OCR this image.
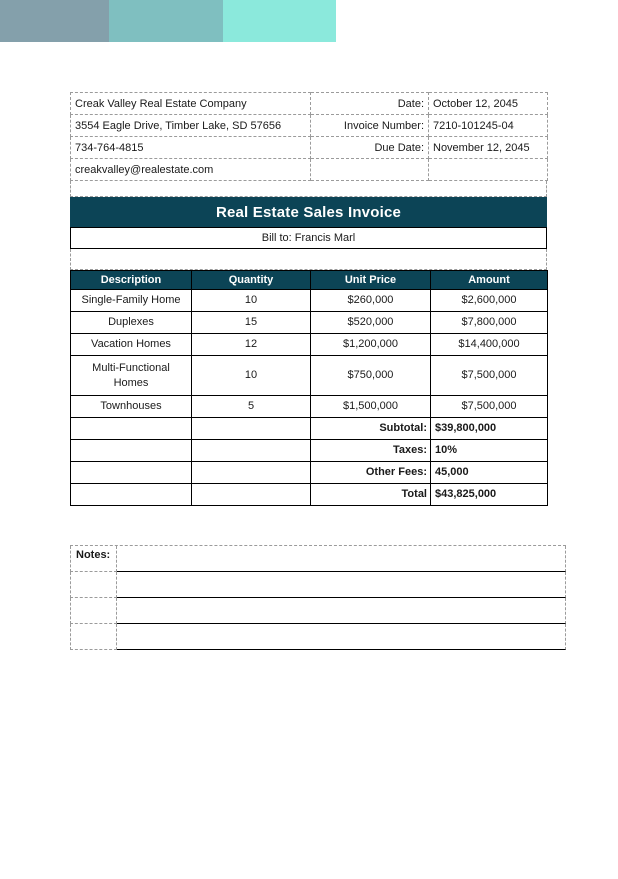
Creak Valley Real Estate Company	Date:	October 12, 2045
3554 Eagle Drive, Timber Lake, SD 57656	Invoice Number:	7210-101245-04
734-764-4815	Due Date:	November 12, 2045
creakvalley@realestate.com		
Real Estate Sales Invoice
Bill to: Francis Marl
Description	Quantity	Unit Price	Amount
Single-Family Home	10	$260,000	$2,600,000
Duplexes	15	$520,000	$7,800,000
Vacation Homes	12	$1,200,000	$14,400,000
Multi-Functional Homes	10	$750,000	$7,500,000
Townhouses	5	$1,500,000	$7,500,000
		Subtotal:	$39,800,000
		Taxes:	10%
		Other Fees:	45,000
		Total	$43,825,000
Notes:
